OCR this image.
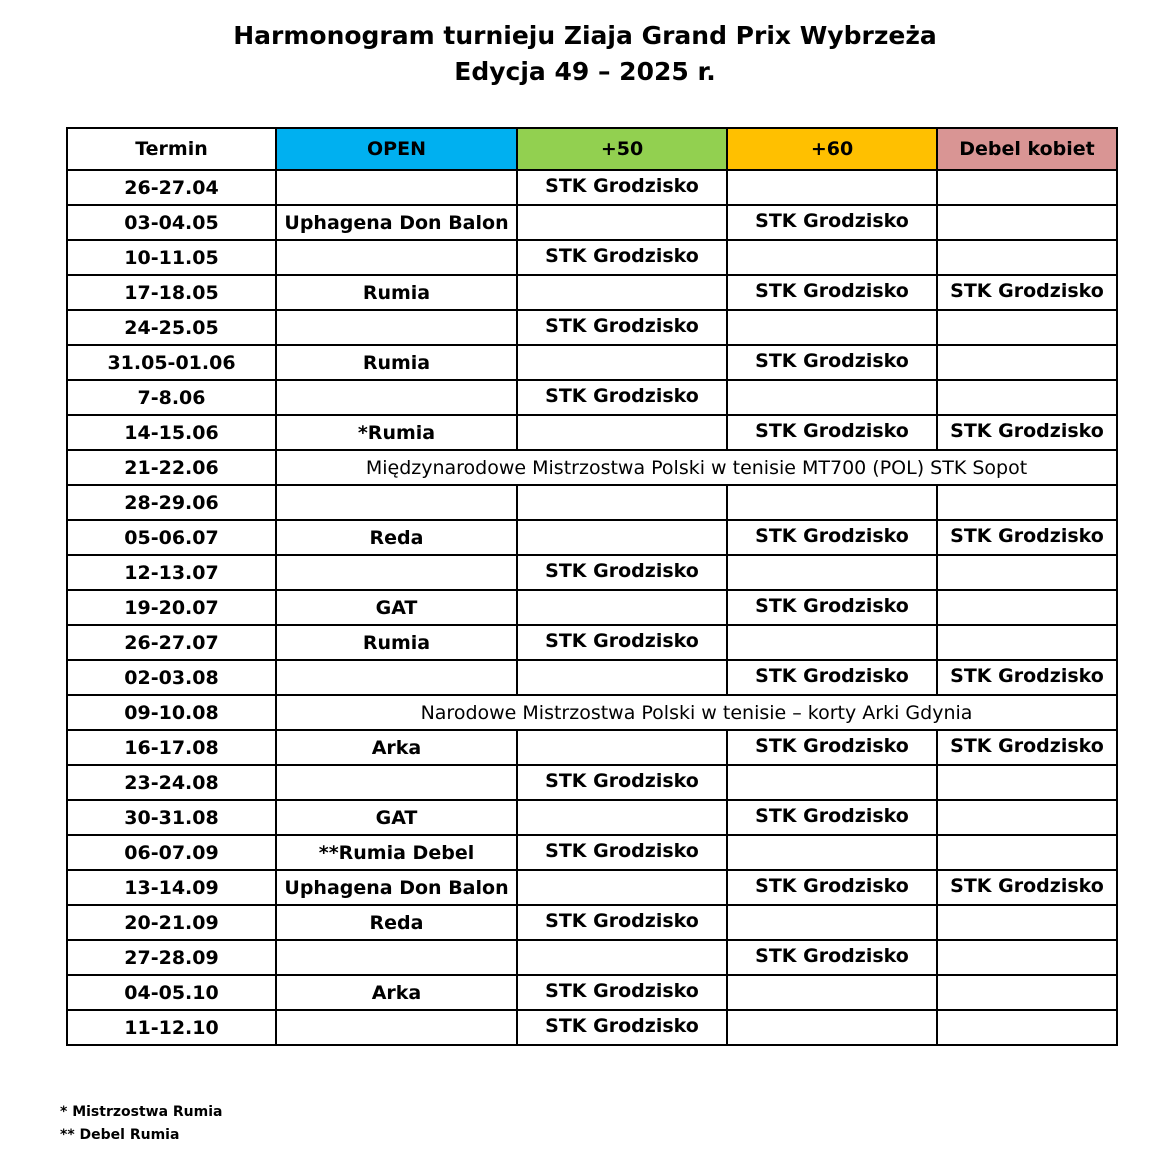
Harmonogram turnieju Ziaja Grand Prix Wybrzeża
Edycja 49 – 2025 r.
Termin	OPEN	+50	+60	Debel kobiet
26-27.04		STK Grodzisko		
03-04.05	Uphagena Don Balon		STK Grodzisko	
10-11.05		STK Grodzisko		
17-18.05	Rumia		STK Grodzisko	STK Grodzisko
24-25.05		STK Grodzisko		
31.05-01.06	Rumia		STK Grodzisko	
7-8.06		STK Grodzisko		
14-15.06	*Rumia		STK Grodzisko	STK Grodzisko
21-22.06	Międzynarodowe Mistrzostwa Polski w tenisie MT700 (POL) STK Sopot			
28-29.06				
05-06.07	Reda		STK Grodzisko	STK Grodzisko
12-13.07		STK Grodzisko		
19-20.07	GAT		STK Grodzisko	
26-27.07	Rumia	STK Grodzisko		
02-03.08			STK Grodzisko	STK Grodzisko
09-10.08	Narodowe Mistrzostwa Polski w tenisie – korty Arki Gdynia			
16-17.08	Arka		STK Grodzisko	STK Grodzisko
23-24.08		STK Grodzisko		
30-31.08	GAT		STK Grodzisko	
06-07.09	**Rumia Debel	STK Grodzisko		
13-14.09	Uphagena Don Balon		STK Grodzisko	STK Grodzisko
20-21.09	Reda	STK Grodzisko		
27-28.09			STK Grodzisko	
04-05.10	Arka	STK Grodzisko		
11-12.10		STK Grodzisko		
* Mistrzostwa Rumia
** Debel Rumia
